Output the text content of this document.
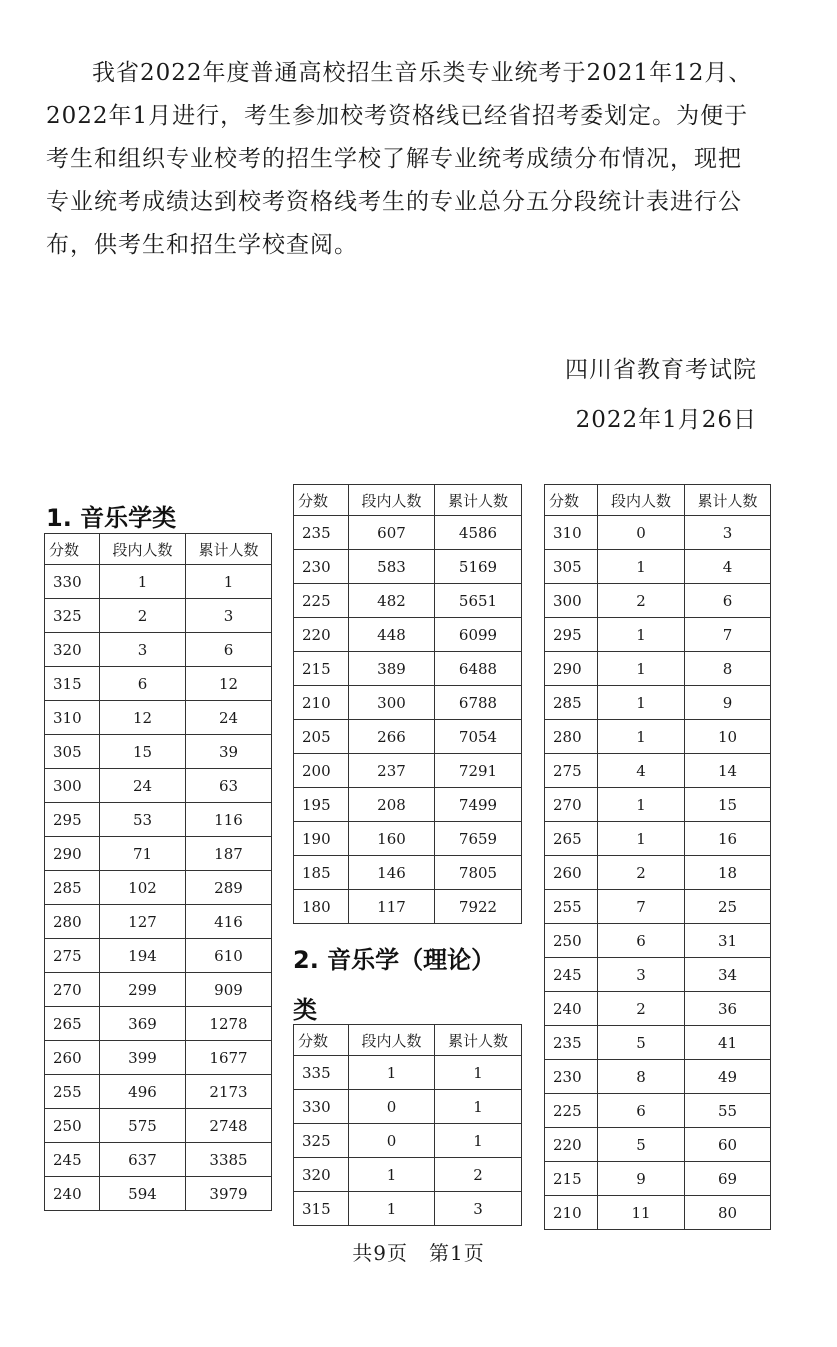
我省2022年度普通高校招生音乐类专业统考于2021年12月、2022年1月进行，考生参加校考资格线已经省招考委划定。为便于考生和组织专业校考的招生学校了解专业统考成绩分布情况，现把专业统考成绩达到校考资格线考生的专业总分五分段统计表进行公布，供考生和招生学校查阅。

四川省教育考试院
2022年1月26日
1. 音乐学类
分数	段内人数	累计人数
330	1	1
325	2	3
320	3	6
315	6	12
310	12	24
305	15	39
300	24	63
295	53	116
290	71	187
285	102	289
280	127	416
275	194	610
270	299	909
265	369	1278
260	399	1677
255	496	2173
250	575	2748
245	637	3385
240	594	3979
分数	段内人数	累计人数
235	607	4586
230	583	5169
225	482	5651
220	448	6099
215	389	6488
210	300	6788
205	266	7054
200	237	7291
195	208	7499
190	160	7659
185	146	7805
180	117	7922
2. 音乐学（理论）
类
分数	段内人数	累计人数
335	1	1
330	0	1
325	0	1
320	1	2
315	1	3
分数	段内人数	累计人数
310	0	3
305	1	4
300	2	6
295	1	7
290	1	8
285	1	9
280	1	10
275	4	14
270	1	15
265	1	16
260	2	18
255	7	25
250	6	31
245	3	34
240	2	36
235	5	41
230	8	49
225	6	55
220	5	60
215	9	69
210	11	80
共9页　第1页
